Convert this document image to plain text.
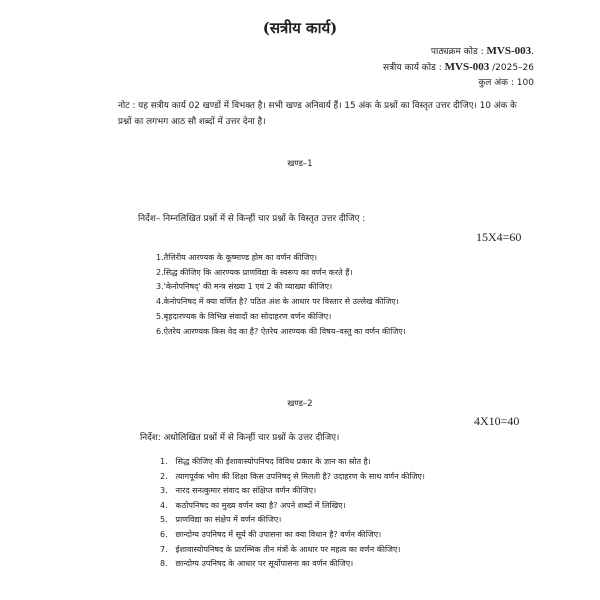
(सत्रीय कार्य)
पाठ्यक्रम कोड : MVS-003.
सत्रीय कार्य कोड : MVS-003 /2025–26
कुल अंक : 100
नोट : यह सत्रीय कार्य 02 खण्डों में विभक्त है। सभी खण्ड अनिवार्य हैं। 15 अंक के प्रश्नों का विस्तृत उत्तर दीजिए। 10 अंक के प्रश्नों का लगभग आठ सौ शब्दों में उत्तर देना है।
खण्ड–1
निर्देश– निम्नलिखित प्रश्नों में से किन्हीं चार प्रश्नों के विस्तृत उत्तर दीजिए :
15X4=60
1.तैत्तिरीय आरण्यक के कूष्माण्ड होम का वर्णन कीजिए।
2.सिद्ध कीजिए कि आरण्यक प्राणविद्या के स्वरूप का वर्णन करते हैं।
3.'केनोपनिषद्' की मन्त्र संख्या 1 एवं 2 की व्याख्या कीजिए।
4.केनोपनिषद में क्या वर्णित है? पठित अंश के आधार पर विस्तार से उल्लेख कीजिए।
5.बृहदारण्यक के विभिन्न संवादों का सोदाहरण वर्णन कीजिए।
6.ऐतरेय आरण्यक किस वेद का है? ऐतरेय आरण्यक की विषय–वस्तु का वर्णन कीजिए।
खण्ड–2
4X10=40
निर्देश: अधोलिखित प्रश्नों में से किन्हीं चार प्रश्नों के उत्तर दीजिए।
1. सिद्ध कीजिए की ईशावास्योपनिषद विविध प्रकार के ज्ञान का स्रोत है।
2. त्यागपूर्वक भोग की शिक्षा किस उपनिषद् से मिलती है? उदाहरण के साथ वर्णन कीजिए।
3. नारद सनत्कुमार संवाद का संक्षिप्त वर्णन कीजिए।
4. कठोपनिषद का मुख्य वर्णन क्या है? अपने शब्दों में लिखिए।
5. प्राणविद्या का संक्षेप में वर्णन कीजिए।
6. छान्दोग्य उपनिषद में सूर्य की उपासना का क्या विधान है? वर्णन कीजिए।
7. ईशावास्योपनिषद के प्रारम्भिक तीन मंत्रों के आधार पर महत्व का वर्णन कीजिए।
8. छान्दोग्य उपनिषद के आधार पर सूर्योपासना का वर्णन कीजिए।
